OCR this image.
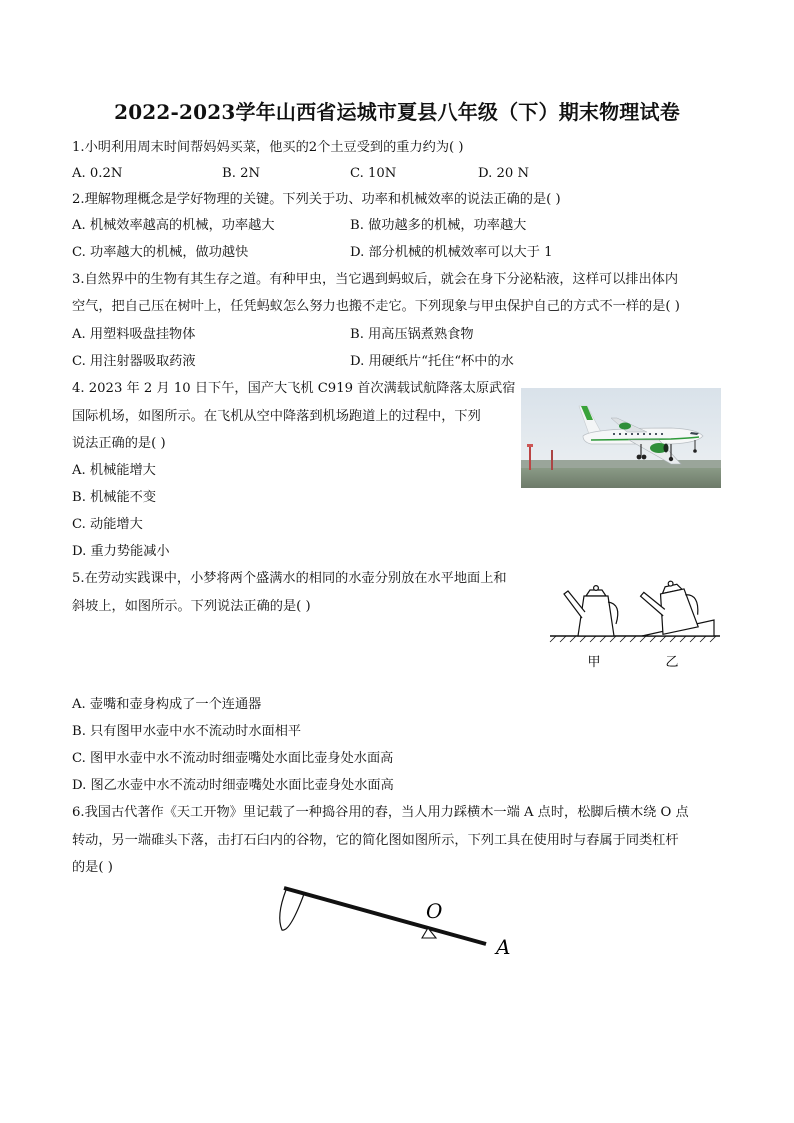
2022-2023学年山西省运城市夏县八年级（下）期末物理试卷
1.小明利用周末时间帮妈妈买菜，他买的2个土豆受到的重力约为( )
A. 0.2N	B. 2N	C. 10N	D. 20 N
2.理解物理概念是学好物理的关键。下列关于功、功率和机械效率的说法正确的是( )
A. 机械效率越高的机械，功率越大	B. 做功越多的机械，功率越大
C. 功率越大的机械，做功越快	D. 部分机械的机械效率可以大于 1
3.自然界中的生物有其生存之道。有种甲虫，当它遇到蚂蚁后，就会在身下分泌粘液，这样可以排出体内
空气，把自己压在树叶上，任凭蚂蚁怎么努力也搬不走它。下列现象与甲虫保护自己的方式不一样的是( )
A. 用塑料吸盘挂物体	B. 用高压锅煮熟食物
C. 用注射器吸取药液	D. 用硬纸片“托住“杯中的水
4. 2023 年 2 月 10 日下午，国产大飞机 C919 首次满载试航降落太原武宿
国际机场，如图所示。在飞机从空中降落到机场跑道上的过程中，下列
说法正确的是( )
A. 机械能增大
B. 机械能不变
C. 动能增大
D. 重力势能减小
5.在劳动实践课中，小梦将两个盛满水的相同的水壶分别放在水平地面上和
斜坡上，如图所示。下列说法正确的是( )
甲	乙
A. 壶嘴和壶身构成了一个连通器
B. 只有图甲水壶中水不流动时水面相平
C. 图甲水壶中水不流动时细壶嘴处水面比壶身处水面高
D. 图乙水壶中水不流动时细壶嘴处水面比壶身处水面高
6.我国古代著作《天工开物》里记载了一种捣谷用的舂，当人用力踩横木一端 A 点时，松脚后横木绕 O 点
转动，另一端碓头下落，击打石臼内的谷物，它的简化图如图所示，下列工具在使用时与舂属于同类杠杆
的是( )
O
A
